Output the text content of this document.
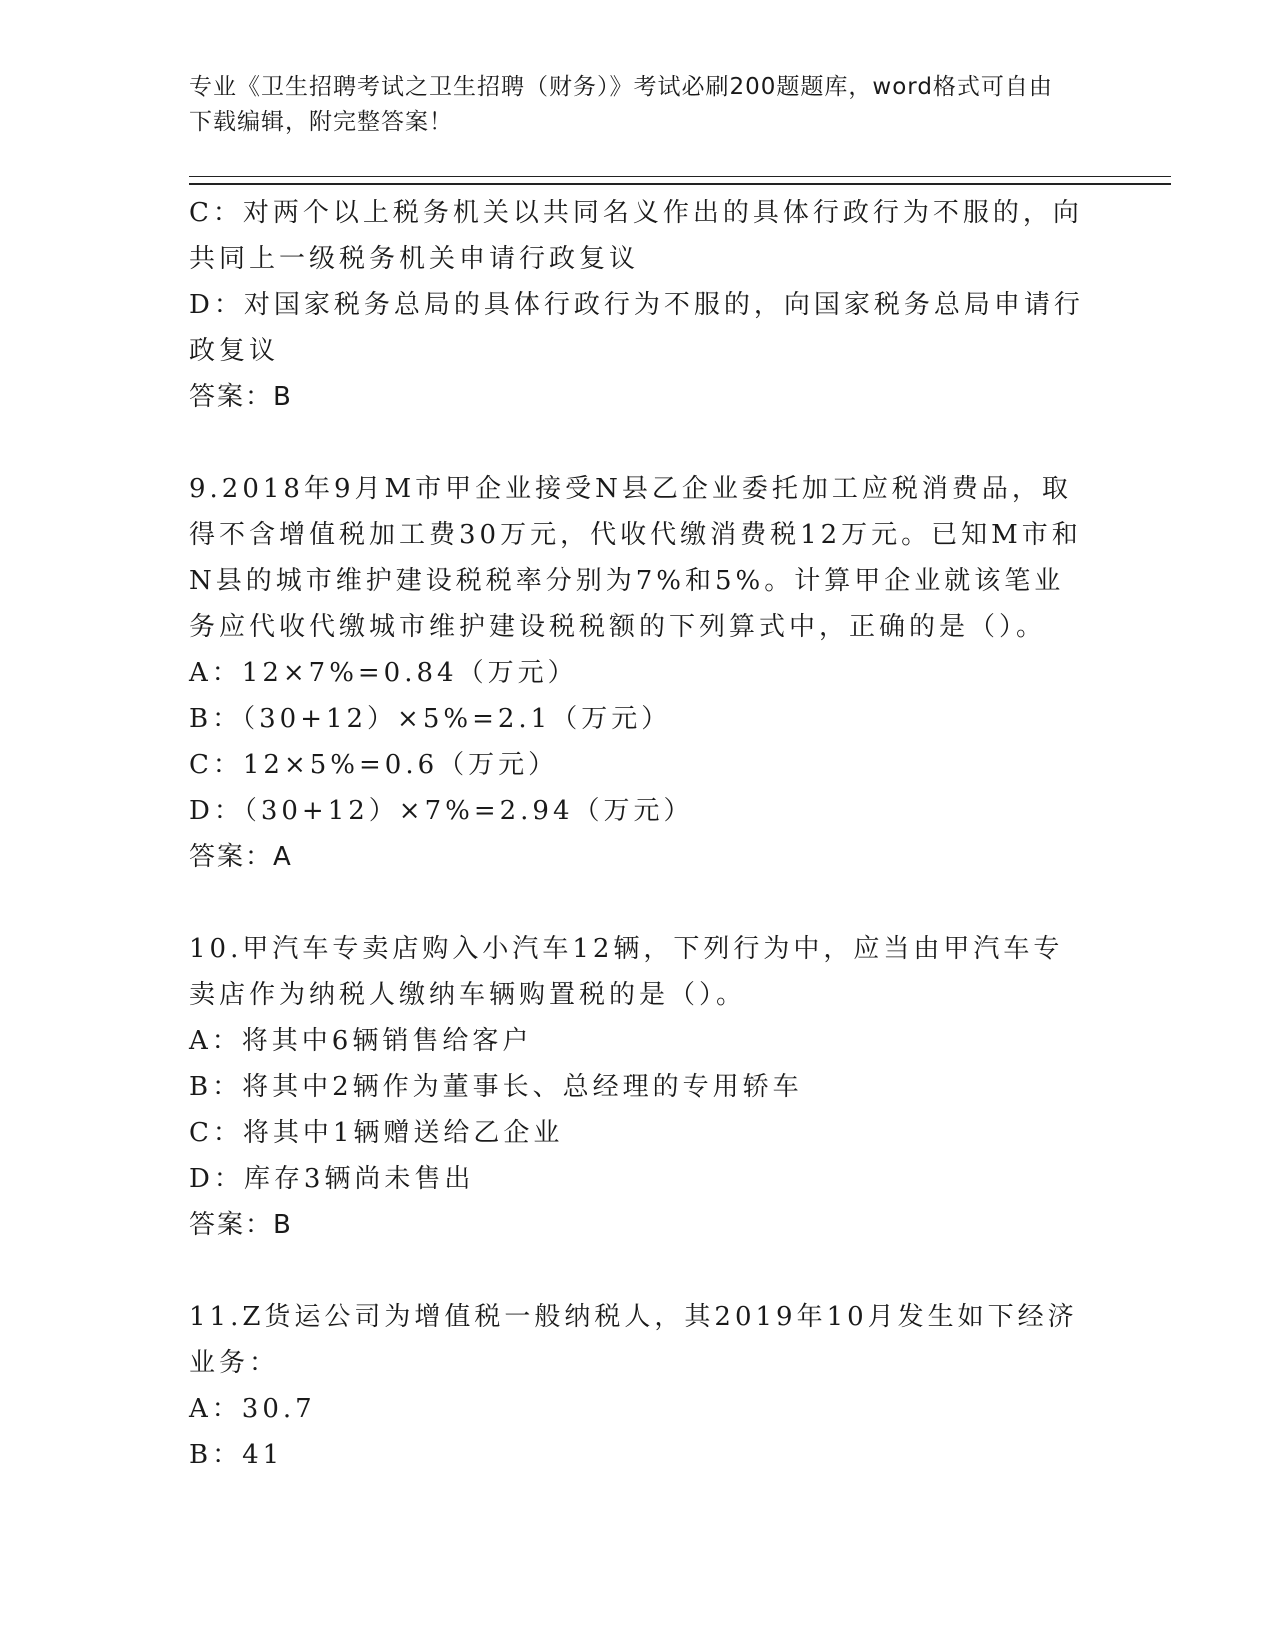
专业《卫生招聘考试之卫生招聘（财务）》考试必刷200题题库，word格式可自由下载编辑，附完整答案！

C：对两个以上税务机关以共同名义作出的具体行政行为不服的，向共同上一级税务机关申请行政复议

D：对国家税务总局的具体行政行为不服的，向国家税务总局申请行政复议

答案：B

9.2018年9月M市甲企业接受N县乙企业委托加工应税消费品，取得不含增值税加工费30万元，代收代缴消费税12万元。已知M市和N县的城市维护建设税税率分别为7%和5%。计算甲企业就该笔业务应代收代缴城市维护建设税税额的下列算式中，正确的是（）。

A：12×7%=0.84（万元）

B：（30+12）×5%=2.1（万元）

C：12×5%=0.6（万元）

D：（30+12）×7%=2.94（万元）

答案：A

10.甲汽车专卖店购入小汽车12辆，下列行为中，应当由甲汽车专卖店作为纳税人缴纳车辆购置税的是（）。

A：将其中6辆销售给客户

B：将其中2辆作为董事长、总经理的专用轿车

C：将其中1辆赠送给乙企业

D：库存3辆尚未售出

答案：B

11.Z货运公司为增值税一般纳税人，其2019年10月发生如下经济业务：

A：30.7

B：41
